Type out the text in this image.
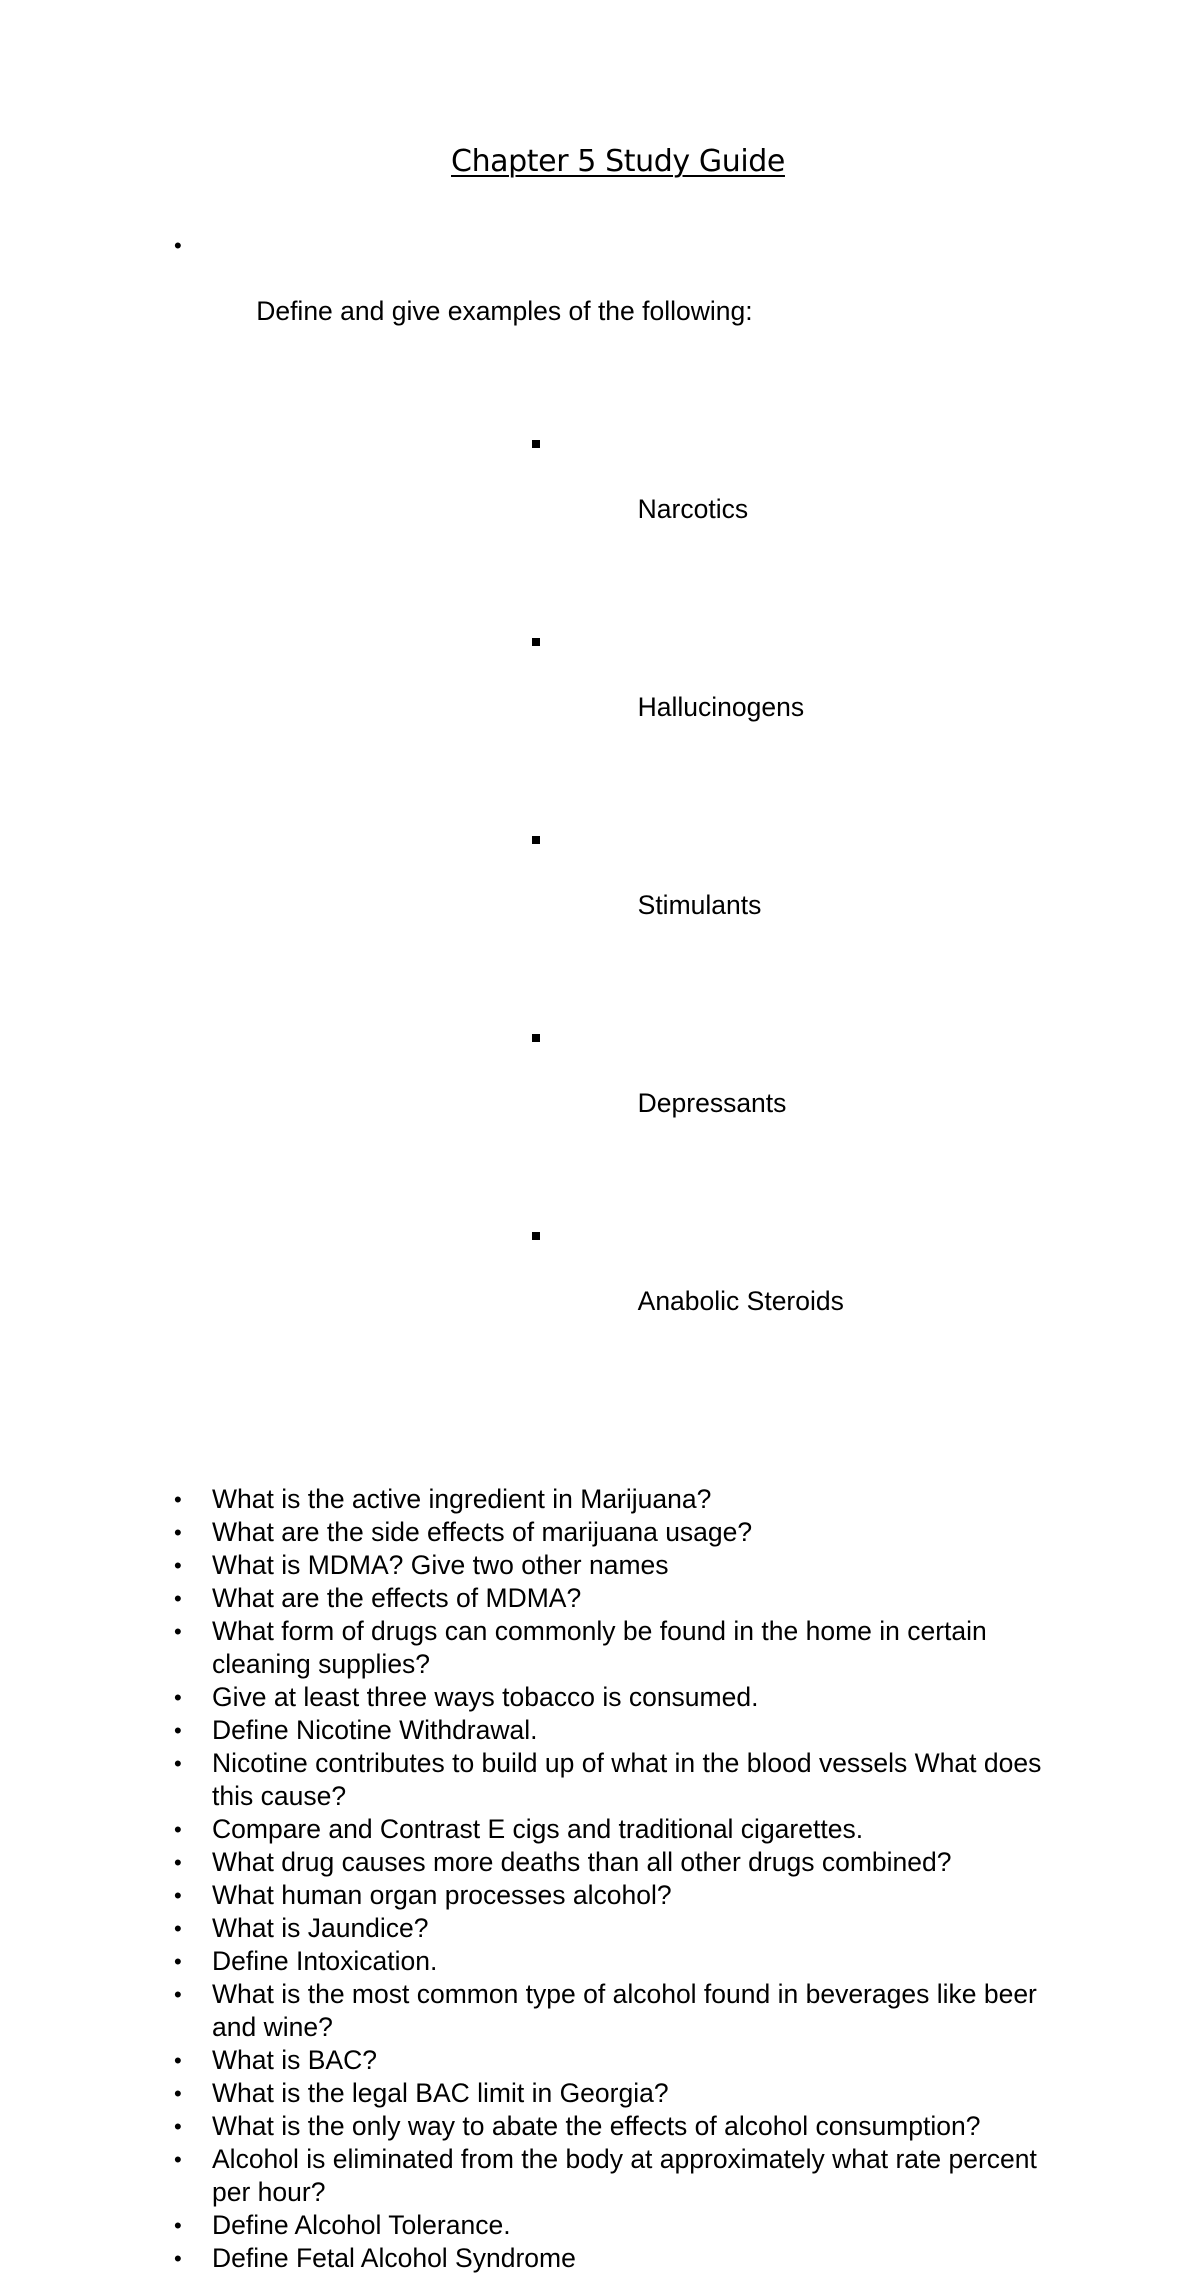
Chapter 5 Study Guide

•

Define and give examples of the following:

Narcotics

Hallucinogens

Stimulants

Depressants

Anabolic Steroids

•	What is the active ingredient in Marijuana?
•	What are the side effects of marijuana usage?
•	What is MDMA? Give two other names
•	What are the effects of MDMA?
•	What form of drugs can commonly be found in the home in certain cleaning supplies?
•	Give at least three ways tobacco is consumed.
•	Define Nicotine Withdrawal.
•	Nicotine contributes to build up of what in the blood vessels What does this cause?
•	Compare and Contrast E cigs and traditional cigarettes.
•	What drug causes more deaths than all other drugs combined?
•	What human organ processes alcohol?
•	What is Jaundice?
•	Define Intoxication.
•	What is the most common type of alcohol found in beverages like beer and wine?
•	What is BAC?
•	What is the legal BAC limit in Georgia?
•	What is the only way to abate the effects of alcohol consumption?
•	Alcohol is eliminated from the body at approximately what rate percent per hour?
•	Define Alcohol Tolerance.
•	Define Fetal Alcohol Syndrome
